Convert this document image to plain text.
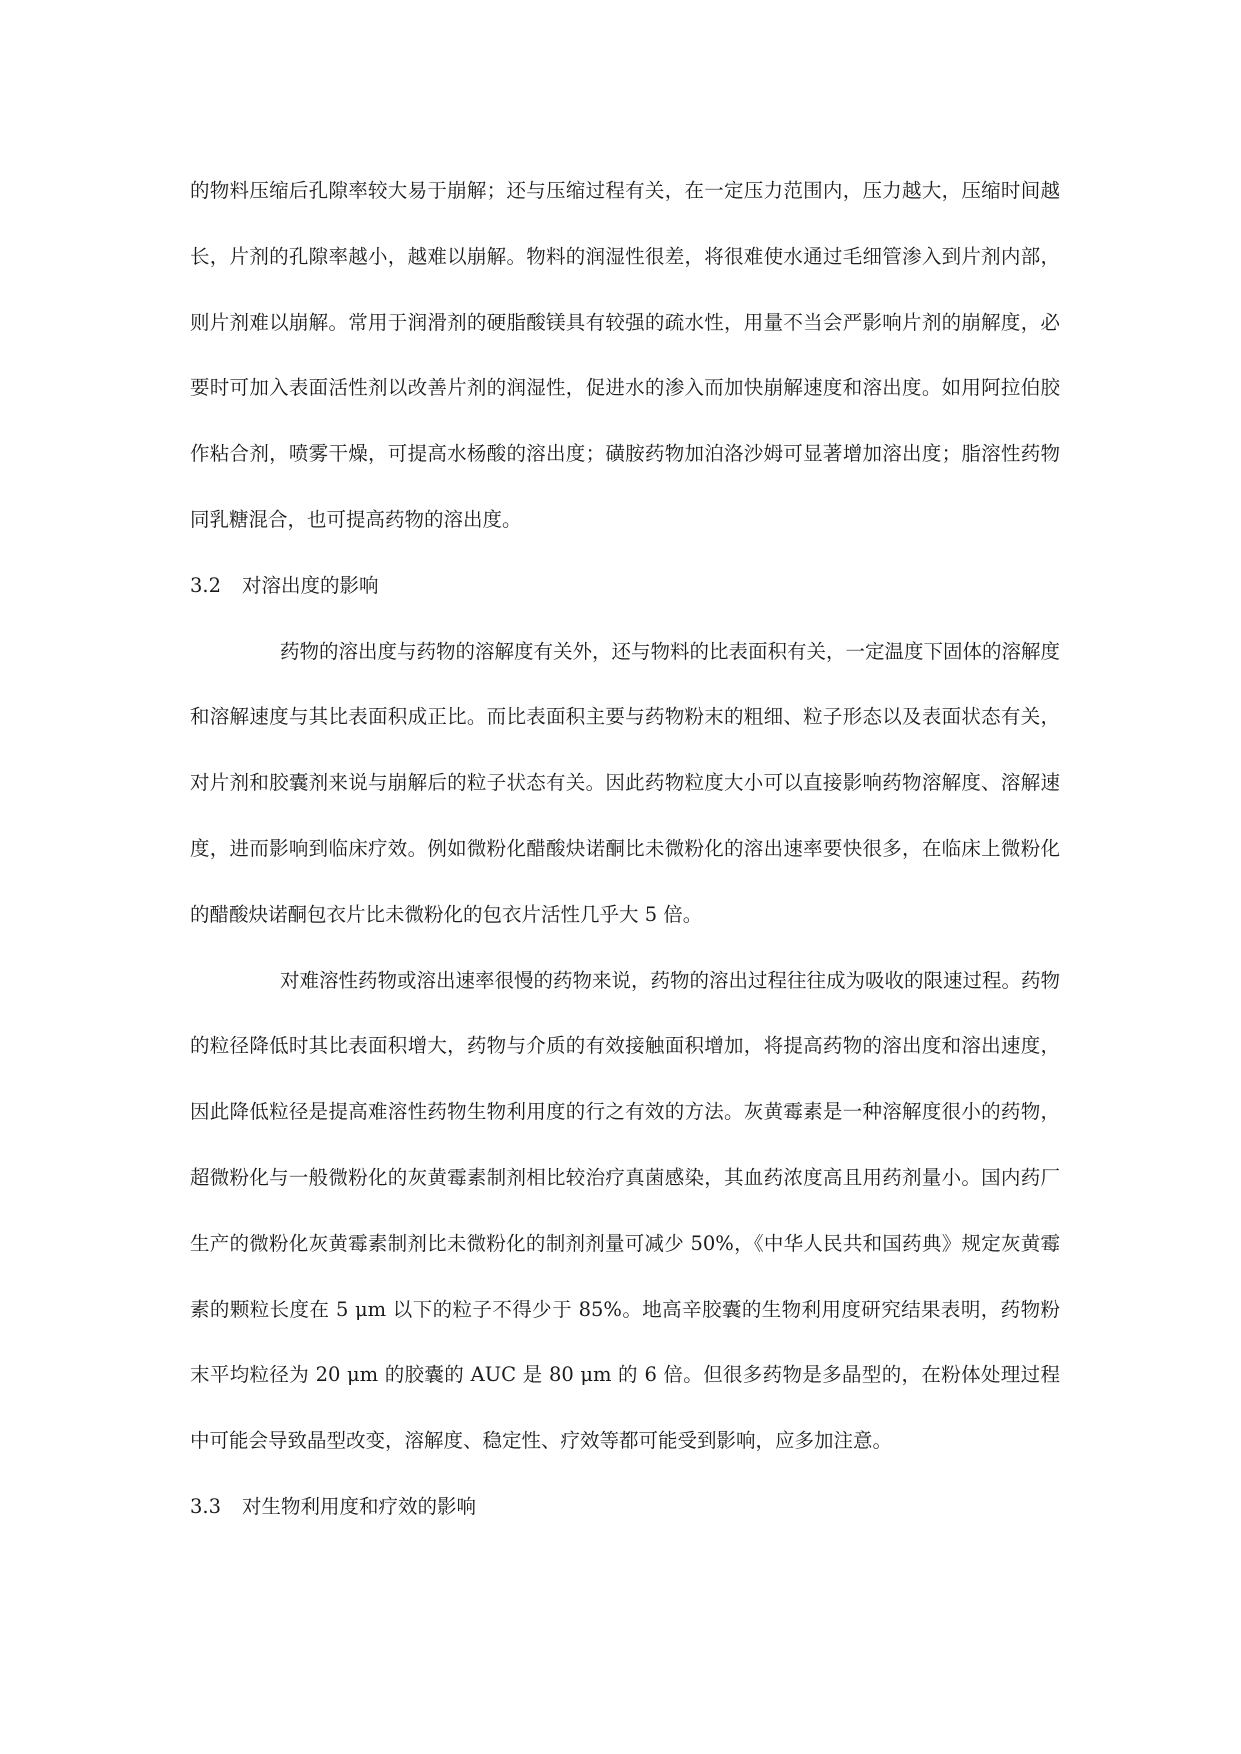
的物料压缩后孔隙率较大易于崩解；还与压缩过程有关，在一定压力范围内，压力越大，压缩时间越长，片剂的孔隙率越小，越难以崩解。物料的润湿性很差，将很难使水通过毛细管渗入到片剂内部，则片剂难以崩解。常用于润滑剂的硬脂酸镁具有较强的疏水性，用量不当会严影响片剂的崩解度，必要时可加入表面活性剂以改善片剂的润湿性，促进水的渗入而加快崩解速度和溶出度。如用阿拉伯胶作粘合剂，喷雾干燥，可提高水杨酸的溶出度；磺胺药物加泊洛沙姆可显著增加溶出度；脂溶性药物同乳糖混合，也可提高药物的溶出度。

3.2 对溶出度的影响

药物的溶出度与药物的溶解度有关外，还与物料的比表面积有关，一定温度下固体的溶解度和溶解速度与其比表面积成正比。而比表面积主要与药物粉末的粗细、粒子形态以及表面状态有关，对片剂和胶囊剂来说与崩解后的粒子状态有关。因此药物粒度大小可以直接影响药物溶解度、溶解速度，进而影响到临床疗效。例如微粉化醋酸炔诺酮比未微粉化的溶出速率要快很多，在临床上微粉化的醋酸炔诺酮包衣片比未微粉化的包衣片活性几乎大 5 倍。

对难溶性药物或溶出速率很慢的药物来说，药物的溶出过程往往成为吸收的限速过程。药物的粒径降低时其比表面积增大，药物与介质的有效接触面积增加，将提高药物的溶出度和溶出速度，因此降低粒径是提高难溶性药物生物利用度的行之有效的方法。灰黄霉素是一种溶解度很小的药物，超微粉化与一般微粉化的灰黄霉素制剂相比较治疗真菌感染，其血药浓度高且用药剂量小。国内药厂生产的微粉化灰黄霉素制剂比未微粉化的制剂剂量可减少 50%，《中华人民共和国药典》规定灰黄霉素的颗粒长度在 5 μm 以下的粒子不得少于 85%。地高辛胶囊的生物利用度研究结果表明，药物粉末平均粒径为 20 μm 的胶囊的 AUC 是 80 μm 的 6 倍。但很多药物是多晶型的，在粉体处理过程中可能会导致晶型改变，溶解度、稳定性、疗效等都可能受到影响，应多加注意。

3.3 对生物利用度和疗效的影响
